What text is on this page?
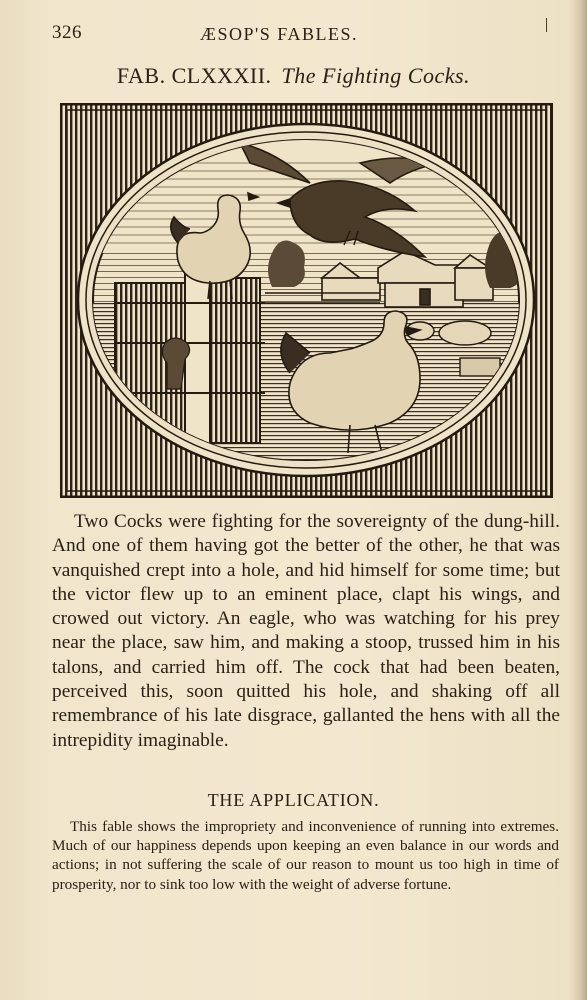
326	ÆSOP'S FABLES.
FAB. CLXXXII. The Fighting Cocks.

Two Cocks were fighting for the sovereignty of the dung-hill. And one of them having got the better of the other, he that was vanquished crept into a hole, and hid himself for some time; but the victor flew up to an eminent place, clapt his wings, and crowed out victory. An eagle, who was watching for his prey near the place, saw him, and making a stoop, trussed him in his talons, and carried him off. The cock that had been beaten, perceived this, soon quitted his hole, and shaking off all remembrance of his late disgrace, gallanted the hens with all the intrepidity imaginable.

THE APPLICATION.

This fable shows the impropriety and inconvenience of running into extremes. Much of our happiness depends upon keeping an even balance in our words and actions; in not suffering the scale of our reason to mount us too high in time of prosperity, nor to sink too low with the weight of adverse fortune.
